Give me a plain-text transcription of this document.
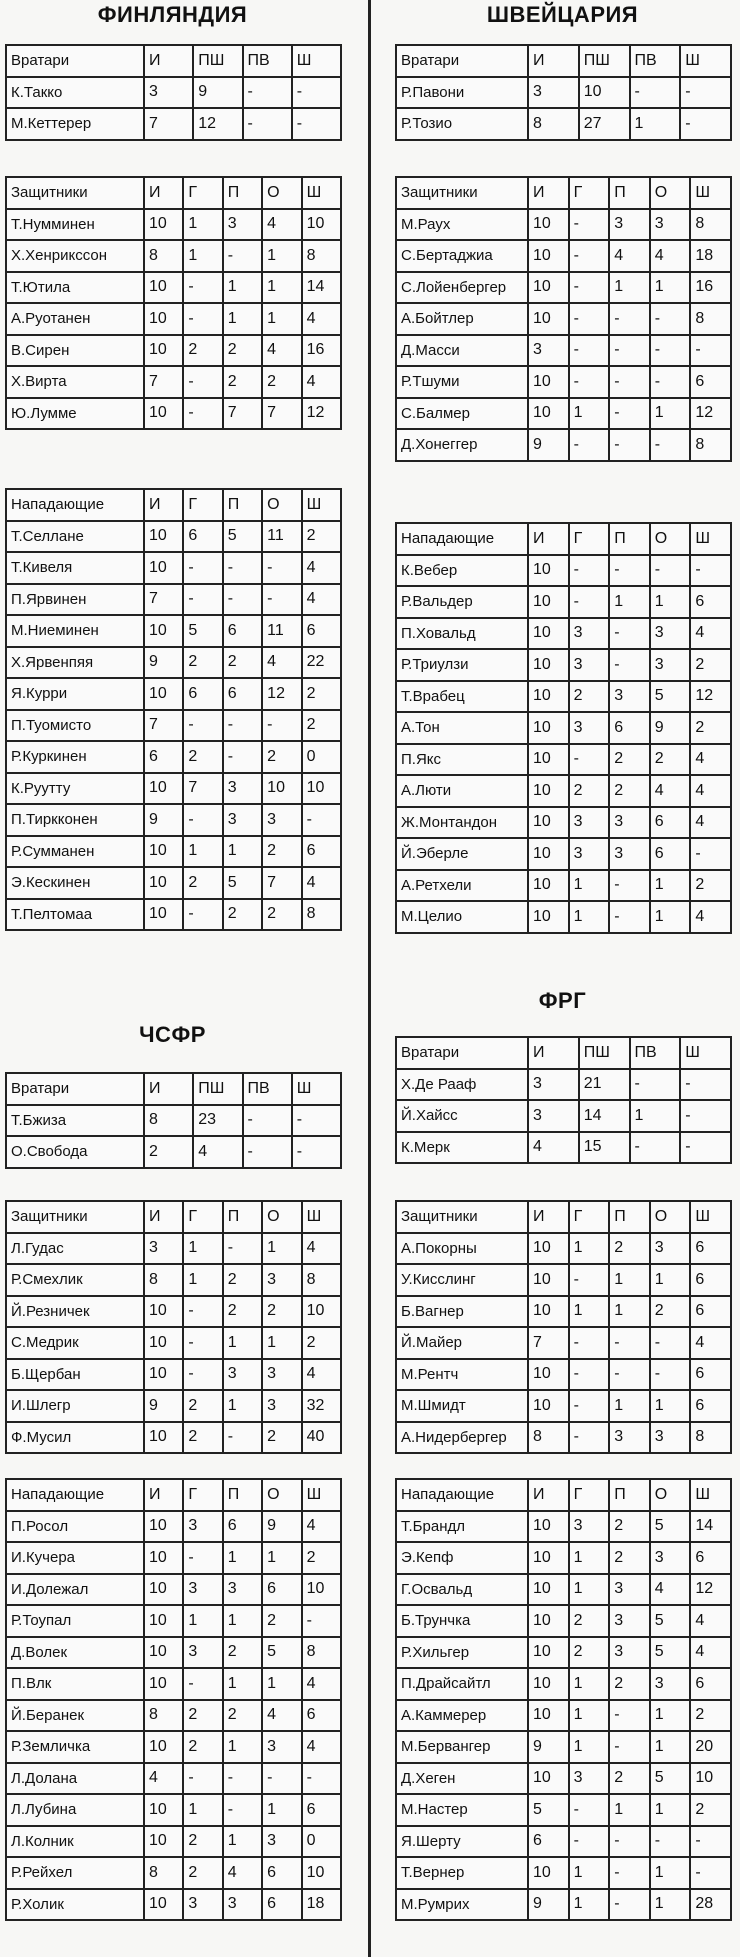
ФИНЛЯНДИЯ
Вратари	И	ПШ	ПВ	Ш
К.Такко	3	9	-	-
М.Кеттерер	7	12	-	-
Защитники	И	Г	П	О	Ш
Т.Нумминен	10	1	3	4	10
Х.Хенрикссон	8	1	-	1	8
Т.Ютила	10	-	1	1	14
А.Руотанен	10	-	1	1	4
В.Сирен	10	2	2	4	16
Х.Вирта	7	-	2	2	4
Ю.Лумме	10	-	7	7	12
Нападающие	И	Г	П	О	Ш
Т.Селлане	10	6	5	11	2
Т.Кивеля	10	-	-	-	4
П.Ярвинен	7	-	-	-	4
М.Ниеминен	10	5	6	11	6
Х.Ярвенпяя	9	2	2	4	22
Я.Курри	10	6	6	12	2
П.Туомисто	7	-	-	-	2
Р.Куркинен	6	2	-	2	0
К.Руутту	10	7	3	10	10
П.Тиркконен	9	-	3	3	-
Р.Сумманен	10	1	1	2	6
Э.Кескинен	10	2	5	7	4
Т.Пелтомаа	10	-	2	2	8
ЧСФР
Вратари	И	ПШ	ПВ	Ш
Т.Бжиза	8	23	-	-
О.Свобода	2	4	-	-
Защитники	И	Г	П	О	Ш
Л.Гудас	3	1	-	1	4
Р.Смехлик	8	1	2	3	8
Й.Резничек	10	-	2	2	10
С.Медрик	10	-	1	1	2
Б.Щербан	10	-	3	3	4
И.Шлегр	9	2	1	3	32
Ф.Мусил	10	2	-	2	40
Нападающие	И	Г	П	О	Ш
П.Росол	10	3	6	9	4
И.Кучера	10	-	1	1	2
И.Долежал	10	3	3	6	10
Р.Тоупал	10	1	1	2	-
Д.Волек	10	3	2	5	8
П.Влк	10	-	1	1	4
Й.Беранек	8	2	2	4	6
Р.Земличка	10	2	1	3	4
Л.Долана	4	-	-	-	-
Л.Лубина	10	1	-	1	6
Л.Колник	10	2	1	3	0
Р.Рейхел	8	2	4	6	10
Р.Холик	10	3	3	6	18
ШВЕЙЦАРИЯ
Вратари	И	ПШ	ПВ	Ш
Р.Павони	3	10	-	-
Р.Тозио	8	27	1	-
Защитники	И	Г	П	О	Ш
М.Раух	10	-	3	3	8
С.Бертаджиа	10	-	4	4	18
С.Лойенбергер	10	-	1	1	16
А.Бойтлер	10	-	-	-	8
Д.Масси	3	-	-	-	-
Р.Тшуми	10	-	-	-	6
С.Балмер	10	1	-	1	12
Д.Хонеггер	9	-	-	-	8
Нападающие	И	Г	П	О	Ш
К.Вебер	10	-	-	-	-
Р.Вальдер	10	-	1	1	6
П.Ховальд	10	3	-	3	4
Р.Триулзи	10	3	-	3	2
Т.Врабец	10	2	3	5	12
А.Тон	10	3	6	9	2
П.Якс	10	-	2	2	4
А.Люти	10	2	2	4	4
Ж.Монтандон	10	3	3	6	4
Й.Эберле	10	3	3	6	-
А.Ретхели	10	1	-	1	2
М.Целио	10	1	-	1	4
ФРГ
Вратари	И	ПШ	ПВ	Ш
Х.Де Рааф	3	21	-	-
Й.Хайсс	3	14	1	-
К.Мерк	4	15	-	-
Защитники	И	Г	П	О	Ш
А.Покорны	10	1	2	3	6
У.Кисслинг	10	-	1	1	6
Б.Вагнер	10	1	1	2	6
Й.Майер	7	-	-	-	4
М.Рентч	10	-	-	-	6
М.Шмидт	10	-	1	1	6
А.Нидербергер	8	-	3	3	8
Нападающие	И	Г	П	О	Ш
Т.Брандл	10	3	2	5	14
Э.Кепф	10	1	2	3	6
Г.Освальд	10	1	3	4	12
Б.Трунчка	10	2	3	5	4
Р.Хильгер	10	2	3	5	4
П.Драйсайтл	10	1	2	3	6
А.Каммерер	10	1	-	1	2
М.Бервангер	9	1	-	1	20
Д.Хеген	10	3	2	5	10
М.Настер	5	-	1	1	2
Я.Шерту	6	-	-	-	-
Т.Вернер	10	1	-	1	-
М.Румрих	9	1	-	1	28
